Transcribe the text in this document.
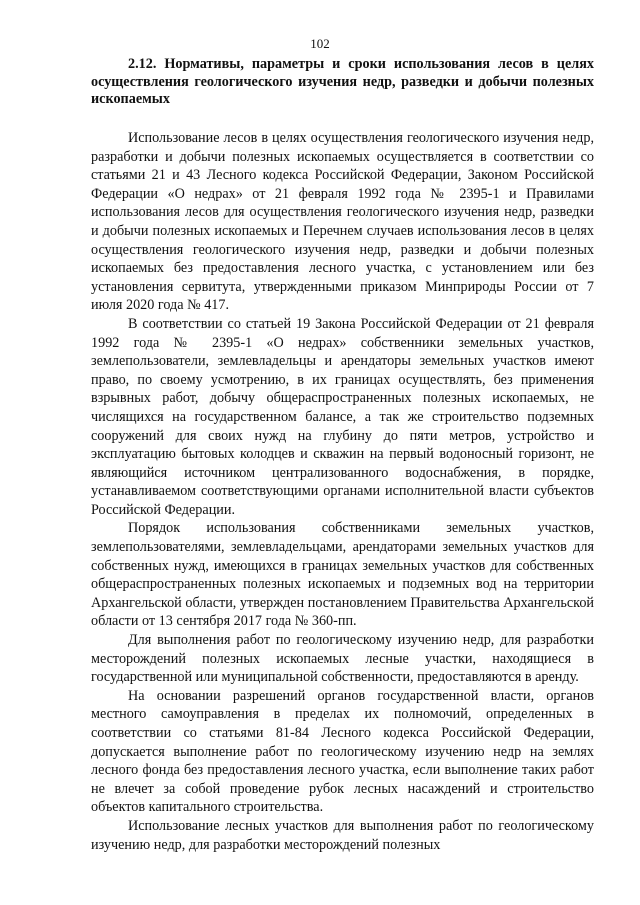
102
2.12. Нормативы, параметры и сроки использования лесов в целях осуществления геологического изучения недр, разведки и добычи полезных ископаемых

Использование лесов в целях осуществления геологического изучения недр, разработки и добычи полезных ископаемых осуществляется в соответствии со статьями 21 и 43 Лесного кодекса Российской Федерации, Законом Российской Федерации «О недрах» от 21 февраля 1992 года № 2395-1 и Правилами использования лесов для осуществления геологического изучения недр, разведки и добычи полезных ископаемых и Перечнем случаев использования лесов в целях осуществления геологического изучения недр, разведки и добычи полезных ископаемых без предоставления лесного участка, с установлением или без установления сервитута, утвержденными приказом Минприроды России от 7 июля 2020 года № 417.

В соответствии со статьей 19 Закона Российской Федерации от 21 февраля 1992 года № 2395-1 «О недрах» собственники земельных участков, землепользователи, землевладельцы и арендаторы земельных участков имеют право, по своему усмотрению, в их границах осуществлять, без применения взрывных работ, добычу общераспространенных полезных ископаемых, не числящихся на государственном балансе, а так же строительство подземных сооружений для своих нужд на глубину до пяти метров, устройство и эксплуатацию бытовых колодцев и скважин на первый водоносный горизонт, не являющийся источником централизованного водоснабжения, в порядке, устанавливаемом соответствующими органами исполнительной власти субъектов Российской Федерации.

Порядок использования собственниками земельных участков, землепользователями, землевладельцами, арендаторами земельных участков для собственных нужд, имеющихся в границах земельных участков для собственных общераспространенных полезных ископаемых и подземных вод на территории Архангельской области, утвержден постановлением Правительства Архангельской области от 13 сентября 2017 года № 360-пп.

Для выполнения работ по геологическому изучению недр, для разработки месторождений полезных ископаемых лесные участки, находящиеся в государственной или муниципальной собственности, предоставляются в аренду.

На основании разрешений органов государственной власти, органов местного самоуправления в пределах их полномочий, определенных в соответствии со статьями 81-84 Лесного кодекса Российской Федерации, допускается выполнение работ по геологическому изучению недр на землях лесного фонда без предоставления лесного участка, если выполнение таких работ не влечет за собой проведение рубок лесных насаждений и строительство объектов капитального строительства.

Использование лесных участков для выполнения работ по геологическому изучению недр, для разработки месторождений полезных
